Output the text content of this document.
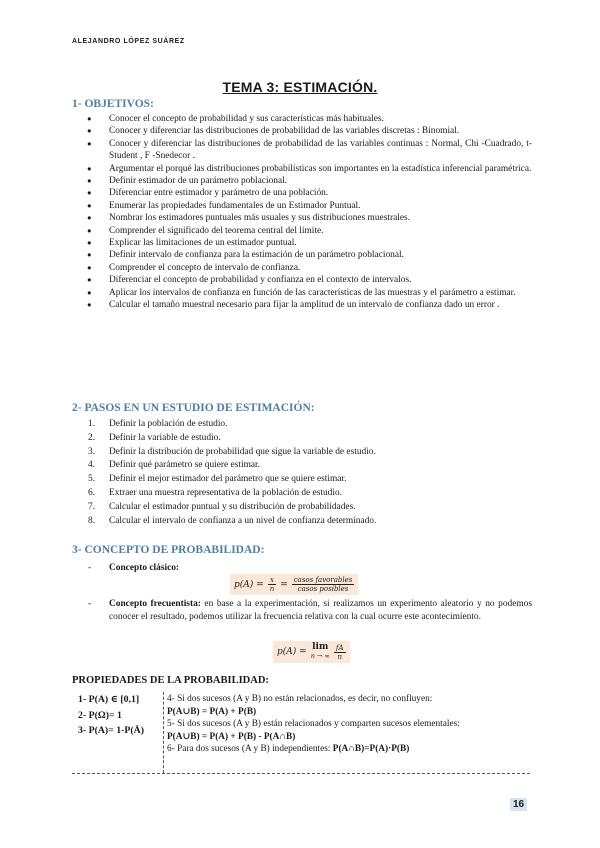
ALEJANDRO LÓPEZ SUÁREZ
TEMA 3: ESTIMACIÓN.
1- OBJETIVOS:
● Conocer el concepto de probabilidad y sus características más habituales.
● Conocer y diferenciar las distribuciones de probabilidad de las variables discretas : Binomial.
● Conocer y diferenciar las distribuciones de probabilidad de las variables continuas : Normal, Chi -Cuadrado, t-Student , F -Snedecor .
● Argumentar el porqué las distribuciones probabilísticas son importantes en la estadística inferencial paramétrica.
● Definir estimador de un parámetro poblacional.
● Diferenciar entre estimador y parámetro de una población.
● Enumerar las propiedades fundamentales de un Estimador Puntual.
● Nombrar los estimadores puntuales más usuales y sus distribuciones muestrales.
● Comprender el significado del teorema central del límite.
● Explicar las limitaciones de un estimador puntual.
● Definir intervalo de confianza para la estimación de un parámetro poblacional.
● Comprender el concepto de intervalo de confianza.
● Diferenciar el concepto de probabilidad y confianza en el contexto de intervalos.
● Aplicar los intervalos de confianza en función de las características de las muestras y el parámetro a estimar.
● Calcular el tamaño muestral necesario para fijar la amplitud de un intervalo de confianza dado un error .
2- PASOS EN UN ESTUDIO DE ESTIMACIÓN:
1. Definir la población de estudio.
2. Definir la variable de estudio.
3. Definir la distribución de probabilidad que sigue la variable de estudio.
4. Definir qué parámetro se quiere estimar.
5. Definir el mejor estimador del parámetro que se quiere estimar.
6. Extraer una muestra representativa de la población de estudio.
7. Calcular el estimador puntual y su distribución de probabilidades.
8. Calcular el intervalo de confianza a un nivel de confianza determinado.
3- CONCEPTO DE PROBABILIDAD:
-	Concepto clásico:
$p(A) = \frac{x}{n} = \frac{\text{casos favorables}}{\text{casos posibles}}$
-	Concepto frecuentista: en base a la experimentación, si realizamos un experimento aleatorio y no podemos conocer el resultado, podemos utilizar la frecuencia relativa con la cual ocurre este acontecimiento.
p(A) = lim
n → ∞ $\frac{fA}{n}$
PROPIEDADES DE LA PROBABILIDAD:
1- P(A) ∈ [0,1]
2- P(Ω)= 1
3- P(A)= 1-P(Ā)
4- Si dos sucesos (A y B) no están relacionados, es decir, no confluyen:
P(A∪B) = P(A) + P(B)
5- Si dos sucesos (A y B) están relacionados y comparten sucesos elementales:
P(A∪B) = P(A) + P(B) - P(A∩B)
6- Para dos sucesos (A y B) independientes: P(A∩B)=P(A)·P(B)
16
